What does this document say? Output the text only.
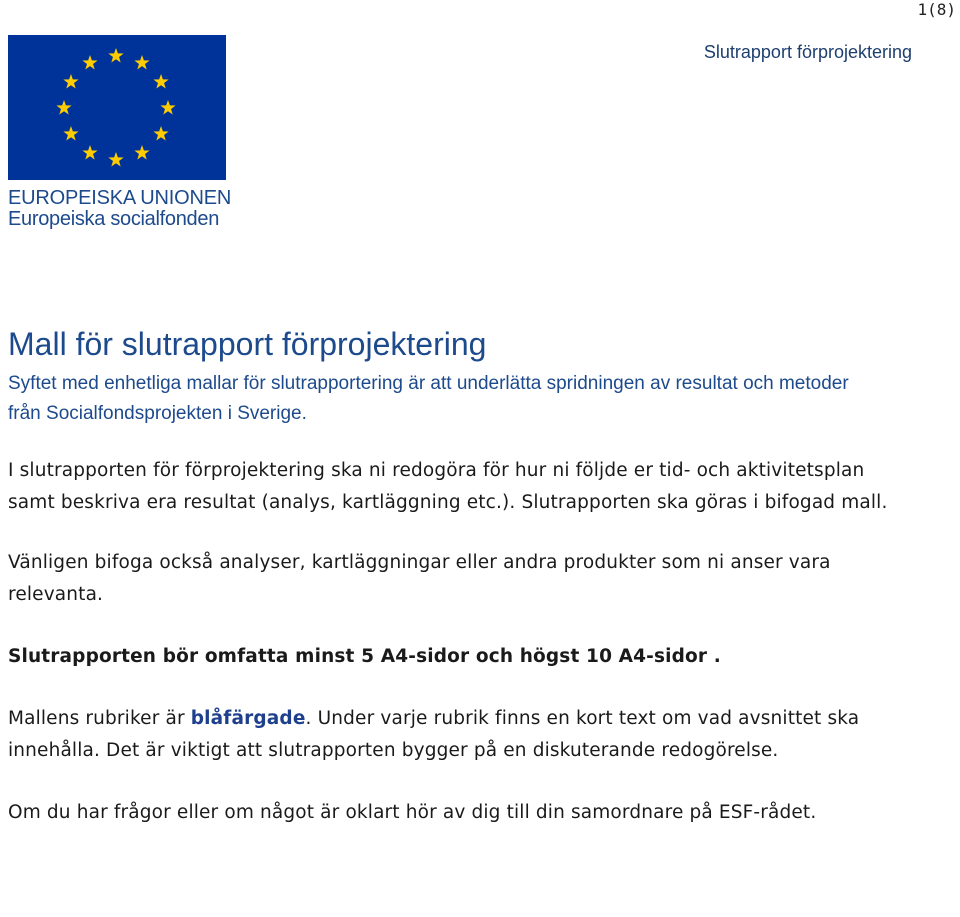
1(8)
Slutrapport förprojektering
EUROPEISKA UNIONEN
Europeiska socialfonden
Mall för slutrapport förprojektering

Syftet med enhetliga mallar för slutrapportering är att underlätta spridningen av resultat och metoder från Socialfondsprojekten i Sverige.

I slutrapporten för förprojektering ska ni redogöra för hur ni följde er tid- och aktivitetsplan samt beskriva era resultat (analys, kartläggning etc.). Slutrapporten ska göras i bifogad mall.

Vänligen bifoga också analyser, kartläggningar eller andra produkter som ni anser vara relevanta.

Slutrapporten bör omfatta minst 5 A4-sidor och högst 10 A4-sidor .

Mallens rubriker är blåfärgade. Under varje rubrik finns en kort text om vad avsnittet ska innehålla. Det är viktigt att slutrapporten bygger på en diskuterande redogörelse.

Om du har frågor eller om något är oklart hör av dig till din samordnare på ESF-rådet.
